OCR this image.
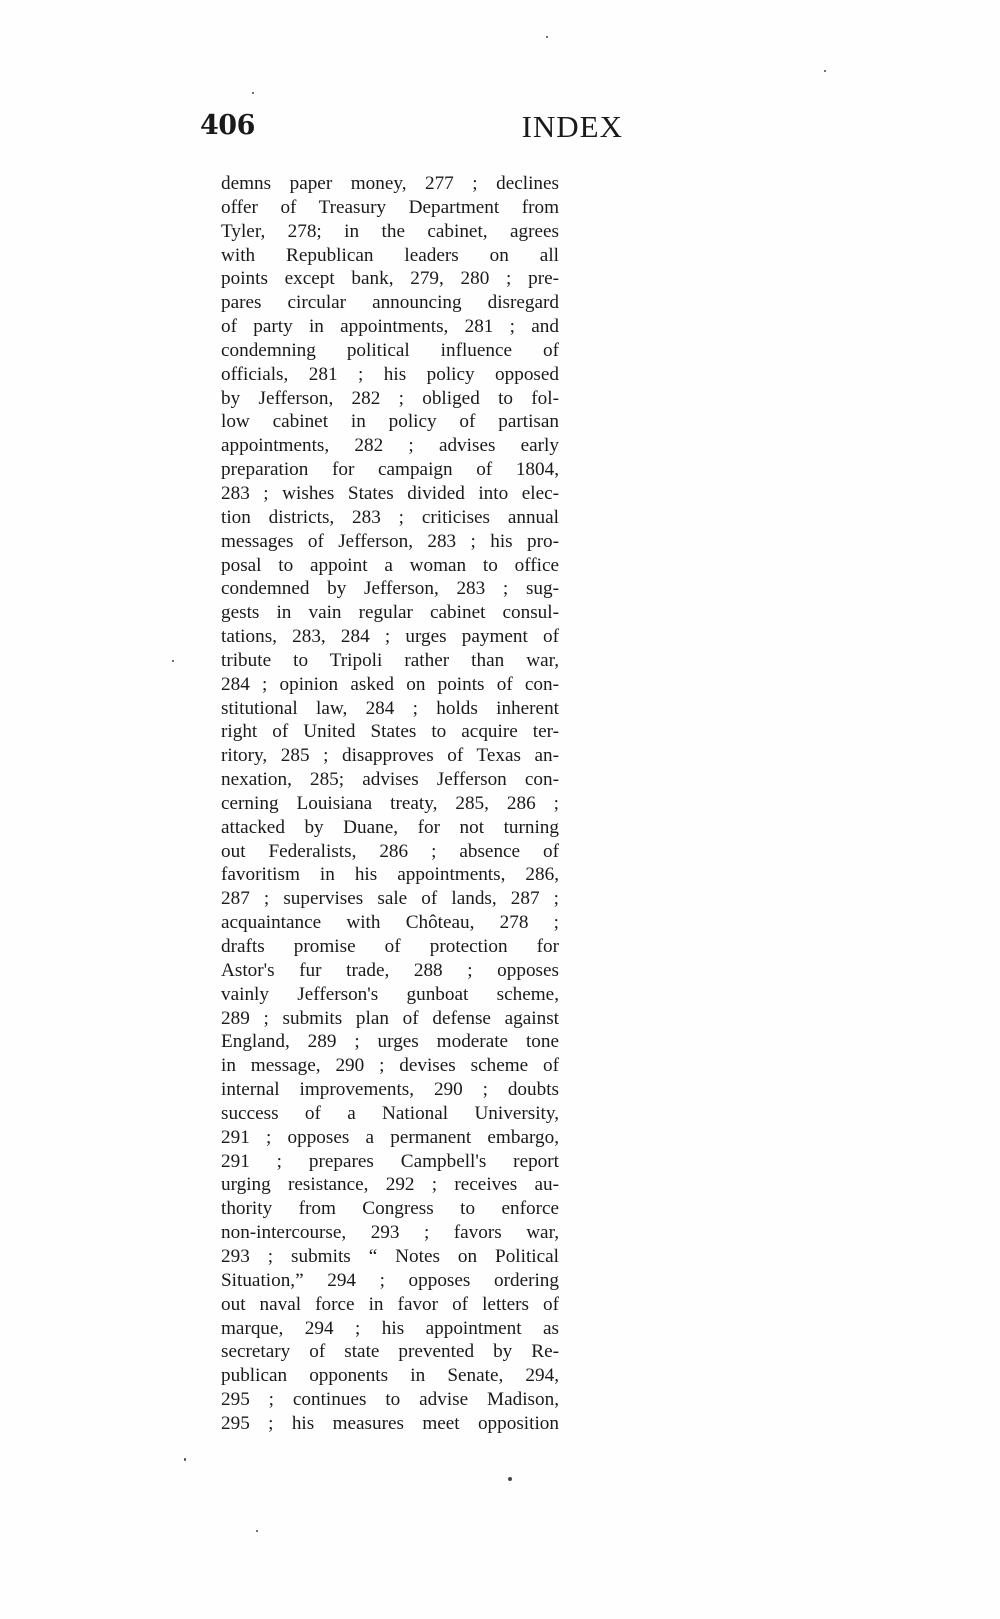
406	INDEX
demns paper money, 277 ; declines
offer of Treasury Department from
Tyler, 278; in the cabinet, agrees
with Republican leaders on all
points except bank, 279, 280 ; pre-
pares circular announcing disregard
of party in appointments, 281 ; and
condemning political influence of
officials, 281 ; his policy opposed
by Jefferson, 282 ; obliged to fol-
low cabinet in policy of partisan
appointments, 282 ; advises early
preparation for campaign of 1804,
283 ; wishes States divided into elec-
tion districts, 283 ; criticises annual
messages of Jefferson, 283 ; his pro-
posal to appoint a woman to office
condemned by Jefferson, 283 ; sug-
gests in vain regular cabinet consul-
tations, 283, 284 ; urges payment of
tribute to Tripoli rather than war,
284 ; opinion asked on points of con-
stitutional law, 284 ; holds inherent
right of United States to acquire ter-
ritory, 285 ; disapproves of Texas an-
nexation, 285; advises Jefferson con-
cerning Louisiana treaty, 285, 286 ;
attacked by Duane, for not turning
out Federalists, 286 ; absence of
favoritism in his appointments, 286,
287 ; supervises sale of lands, 287 ;
acquaintance with Chôteau, 278 ;
drafts promise of protection for
Astor's fur trade, 288 ; opposes
vainly Jefferson's gunboat scheme,
289 ; submits plan of defense against
England, 289 ; urges moderate tone
in message, 290 ; devises scheme of
internal improvements, 290 ; doubts
success of a National University,
291 ; opposes a permanent embargo,
291 ; prepares Campbell's report
urging resistance, 292 ; receives au-
thority from Congress to enforce
non-intercourse, 293 ; favors war,
293 ; submits “ Notes on Political
Situation,” 294 ; opposes ordering
out naval force in favor of letters of
marque, 294 ; his appointment as
secretary of state prevented by Re-
publican opponents in Senate, 294,
295 ; continues to advise Madison,
295 ; his measures meet opposition
